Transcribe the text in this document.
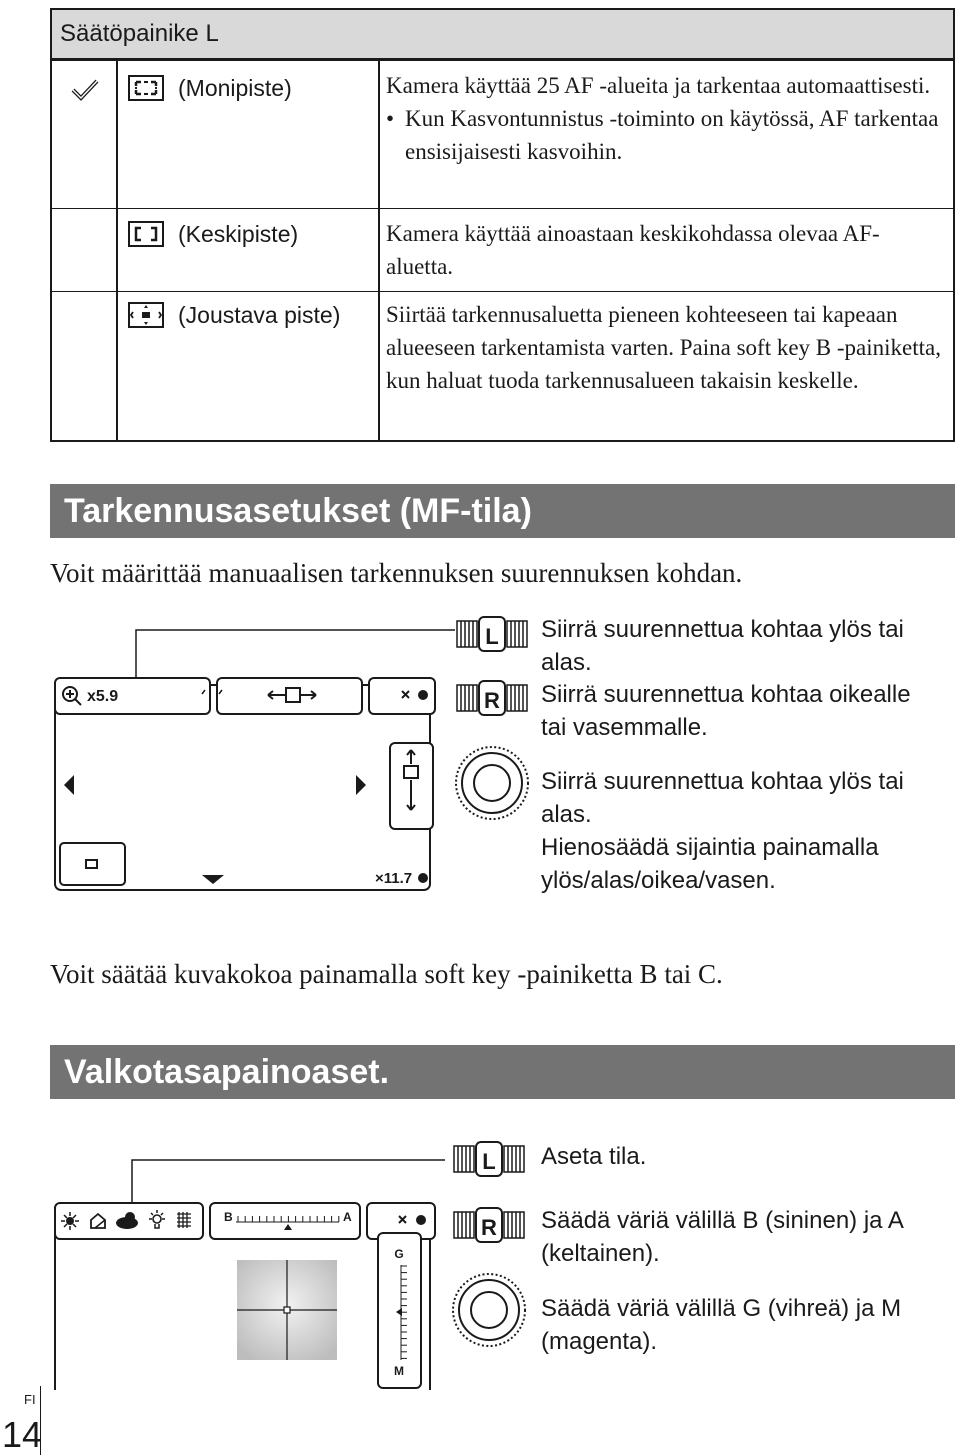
Säätöpainike L
(Monipiste)	Kamera käyttää 25 AF -alueita ja tarkentaa automaattisesti.

• Kun Kasvontunnistus -toiminto on käytössä, AF tarkentaa ensisijaisesti kasvoihin.

(Keskipiste)	Kamera käyttää ainoastaan keskikohdassa olevaa AF-aluetta.

(Joustava piste) Siirtää tarkennusaluetta pieneen kohteeseen tai kapeaan alueeseen tarkentamista varten. Paina soft key B -painiketta, kun haluat tuoda tarkennusalueen takaisin keskelle.

Tarkennusasetukset (MF-tila)
Voit määrittää manuaalisen tarkennuksen suurennuksen kohdan.
x5.9
×11.7
L
R
Siirrä suurennettua kohtaa ylös tai
alas.
Siirrä suurennettua kohtaa oikealle
tai vasemmalle.
Siirrä suurennettua kohtaa ylös tai
alas.
Hienosäädä sijaintia painamalla
ylös/alas/oikea/vasen.
Voit säätää kuvakokoa painamalla soft key -painiketta B tai C.
Valkotasapainoaset.
B	A
G
M
L
R
Aseta tila.
Säädä väriä välillä B (sininen) ja A
(keltainen).
Säädä väriä välillä G (vihreä) ja M
(magenta).
FI
14
